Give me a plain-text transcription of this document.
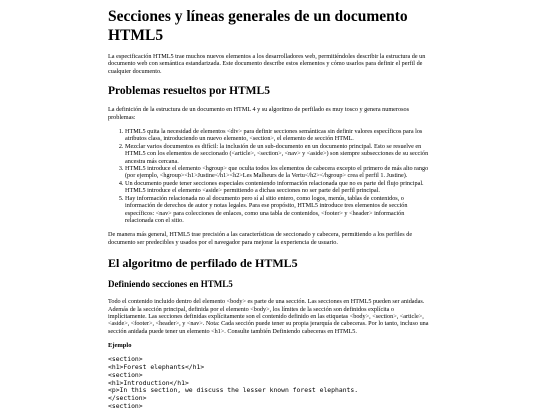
Secciones y líneas generales de un documento HTML5

La especificación HTML5 trae muchos nuevos elementos a los desarrolladores web, permitiéndoles describir la estructura de un documento web con semántica estandarizada. Este documento describe estos elementos y cómo usarlos para definir el perfil de cualquier documento.

Problemas resueltos por HTML5

La definición de la estructura de un documento en HTML 4 y su algoritmo de perfilado es muy tosco y genera numerosos problemas:

1. HTML5 quita la necesidad de elementos <div> para definir secciones semánticas sin definir valores específicos para los atributos class, introduciendo un nuevo elemento, <section>, el elemento de sección HTML.
2. Mezclar varios documentos es difícil: la inclusión de un sub-documento en un documento principal. Esto se resuelve en HTML5 con los elementos de seccionado (<article>, <section>, <nav> y <aside>) son siempre subsecciones de su sección ancestra más cercana.
3. HTML5 introduce el elemento <hgroup> que oculta todos los elementos de cabecera excepto el primero de más alto rango (por ejemplo, <hgroup><h1>Justine</h1><h2>Les Malheurs de la Vertu</h2></hgroup> crea el perfil 1. Justine).
4. Un documento puede tener secciones especiales conteniendo información relacionada que no es parte del flujo principal. HTML5 introduce el elemento <aside> permitiendo a dichas secciones no ser parte del perfil principal.
5. Hay información relacionada no al documento pero sí al sitio entero, como logos, menús, tablas de contenidos, o información de derechos de autor y notas legales. Para ese propósito, HTML5 introduce tres elementos de sección específicos: <nav> para colecciones de enlaces, como una tabla de contenidos, <footer> y <header> información relacionada con el sitio.

De manera más general, HTML5 trae precisión a las características de seccionado y cabecera, permitiendo a los perfiles de documento ser predecibles y usados por el navegador para mejorar la experiencia de usuario.

El algoritmo de perfilado de HTML5
Definiendo secciones en HTML5

Todo el contenido incluido dentro del elemento <body> es parte de una sección. Las secciones en HTML5 pueden ser anidadas. Además de la sección principal, definida por el elemento <body>, los límites de la sección son definidos explícita o implícitamente. Las secciones definidas explícitamente son el contenido definido en las etiquetas <body>, <section>, <article>, <aside>, <footer>, <header>, y <nav>. Nota: Cada sección puede tener su propia jerarquía de cabeceras. Por lo tanto, incluso una sección anidada puede tener un elemento <h1>. Consulte también Definiendo cabeceras en HTML5.

Ejemplo
<section>
<h1>Forest elephants</h1>
<section>
<h1>Introduction</h1>
<p>In this section, we discuss the lesser known forest elephants.
</section>
<section>
